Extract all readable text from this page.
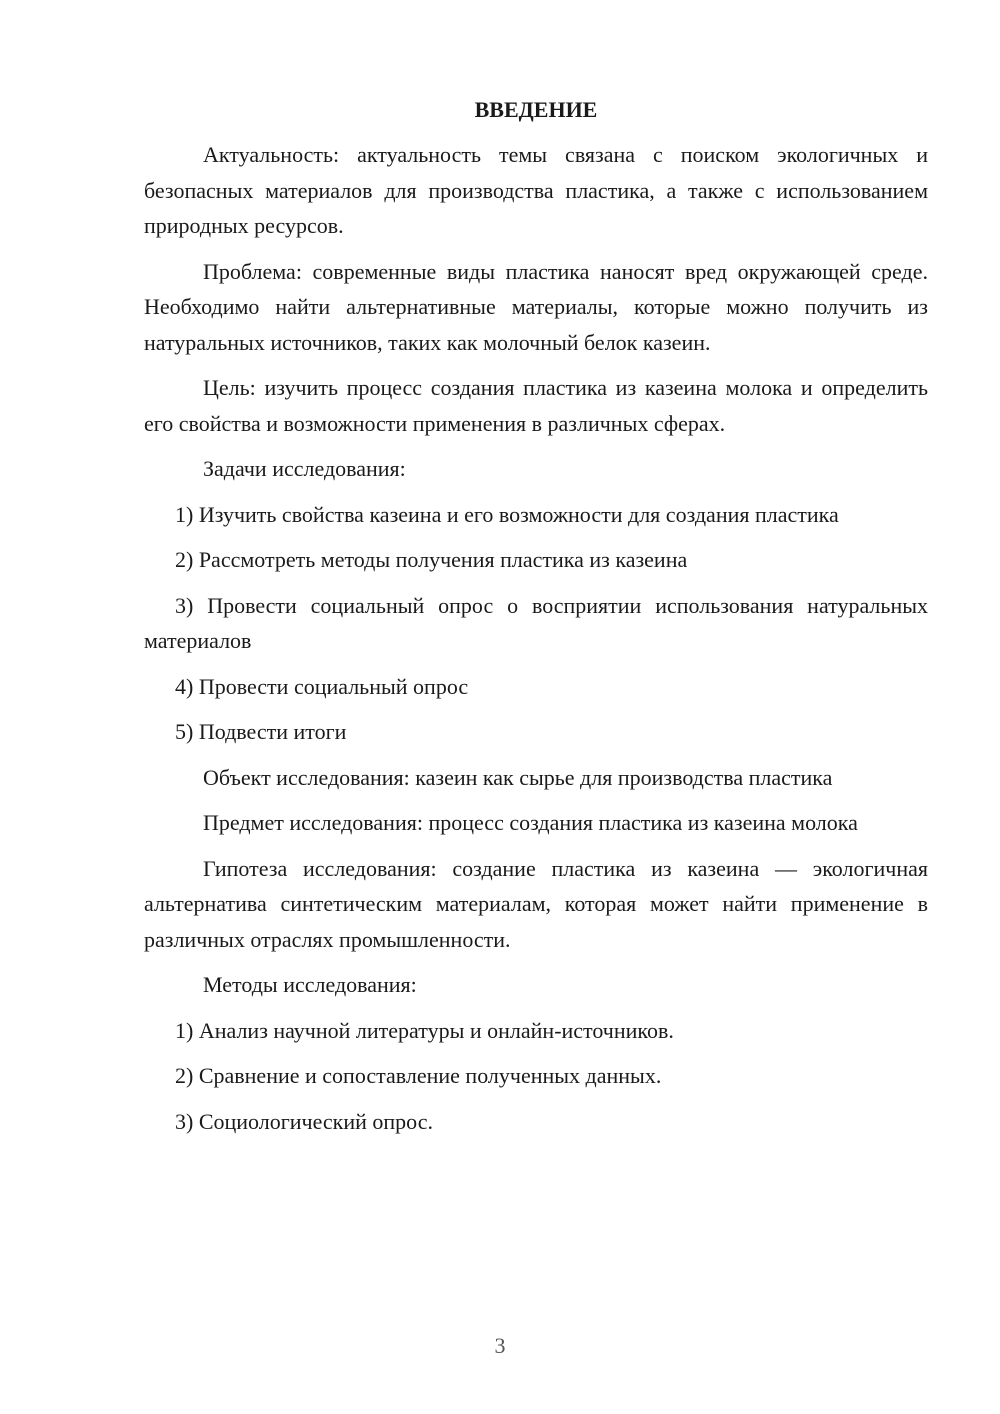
ВВЕДЕНИЕ

Актуальность: актуальность темы связана с поиском экологичных и безопасных материалов для производства пластика, а также с использованием природных ресурсов.

Проблема: современные виды пластика наносят вред окружающей среде. Необходимо найти альтернативные материалы, которые можно получить из натуральных источников, таких как молочный белок казеин.

Цель: изучить процесс создания пластика из казеина молока и определить его свойства и возможности применения в различных сферах.

Задачи исследования:

1) Изучить свойства казеина и его возможности для создания пластика

2) Рассмотреть методы получения пластика из казеина

3) Провести социальный опрос о восприятии использования натуральных материалов

4) Провести социальный опрос

5) Подвести итоги

Объект исследования: казеин как сырье для производства пластика

Предмет исследования: процесс создания пластика из казеина молока

Гипотеза исследования: создание пластика из казеина — экологичная альтернатива синтетическим материалам, которая может найти применение в различных отраслях промышленности.

Методы исследования:

1) Анализ научной литературы и онлайн-источников.

2) Сравнение и сопоставление полученных данных.

3) Социологический опрос.

3
